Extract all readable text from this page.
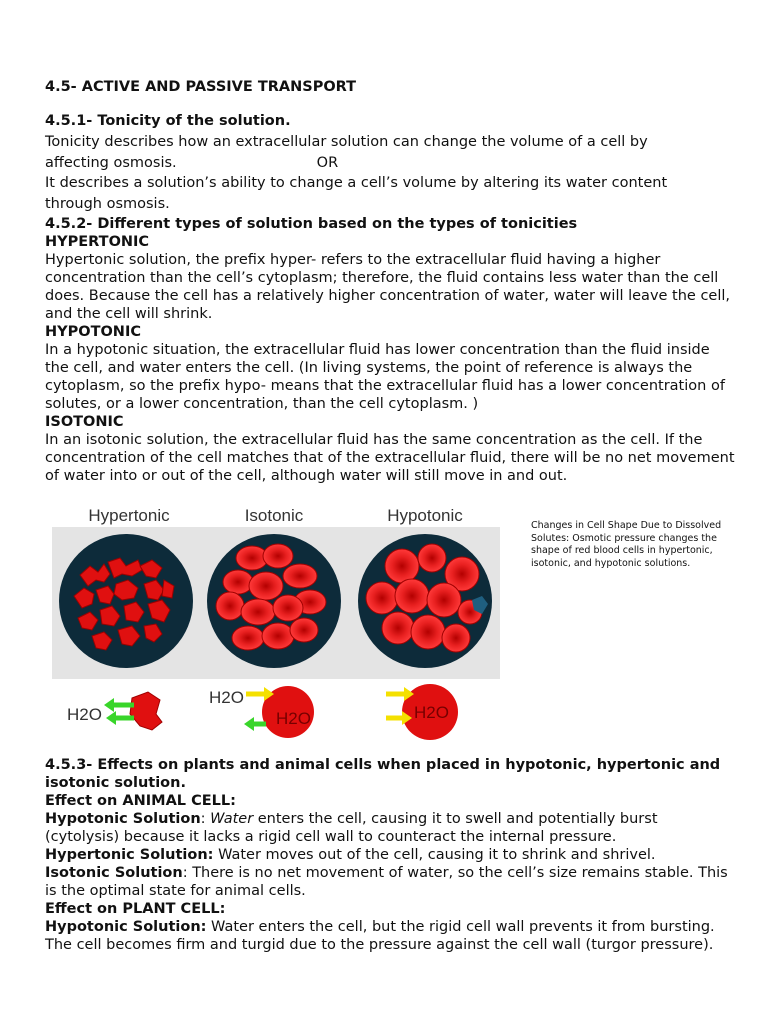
4.5- ACTIVE AND PASSIVE TRANSPORT
4.5.1- Tonicity of the solution.

Tonicity describes how an extracellular solution can change the volume of a cell by

affecting osmosis.	OR

It describes a solution’s ability to change a cell’s volume by altering its water content

through osmosis.

4.5.2- Different types of solution based on the types of tonicities
HYPERTONIC

Hypertonic solution, the prefix hyper- refers to the extracellular fluid having a higher concentration than the cell’s cytoplasm; therefore, the fluid contains less water than the cell does. Because the cell has a relatively higher concentration of water, water will leave the cell, and the cell will shrink.

HYPOTONIC

In a hypotonic situation, the extracellular fluid has lower concentration than the fluid inside the cell, and water enters the cell. (In living systems, the point of reference is always the cytoplasm, so the prefix hypo- means that the extracellular fluid has a lower concentration of solutes, or a lower concentration, than the cell cytoplasm. )

ISOTONIC

In an isotonic solution, the extracellular fluid has the same concentration as the cell. If the concentration of the cell matches that of the extracellular fluid, there will be no net movement of water into or out of the cell, although water will still move in and out.

Hypertonic	Isotonic	Hypotonic
H2O
H2O
H2O	H2O
Changes in Cell Shape Due to Dissolved Solutes: Osmotic pressure changes the shape of red blood cells in hypertonic, isotonic, and hypotonic solutions.
4.5.3- Effects on plants and animal cells when placed in hypotonic, hypertonic and isotonic solution.
Effect on ANIMAL CELL:

Hypotonic Solution: Water enters the cell, causing it to swell and potentially burst (cytolysis) because it lacks a rigid cell wall to counteract the internal pressure.

Hypertonic Solution: Water moves out of the cell, causing it to shrink and shrivel.

Isotonic Solution: There is no net movement of water, so the cell’s size remains stable. This is the optimal state for animal cells.

Effect on PLANT CELL:

Hypotonic Solution: Water enters the cell, but the rigid cell wall prevents it from bursting. The cell becomes firm and turgid due to the pressure against the cell wall (turgor pressure).
